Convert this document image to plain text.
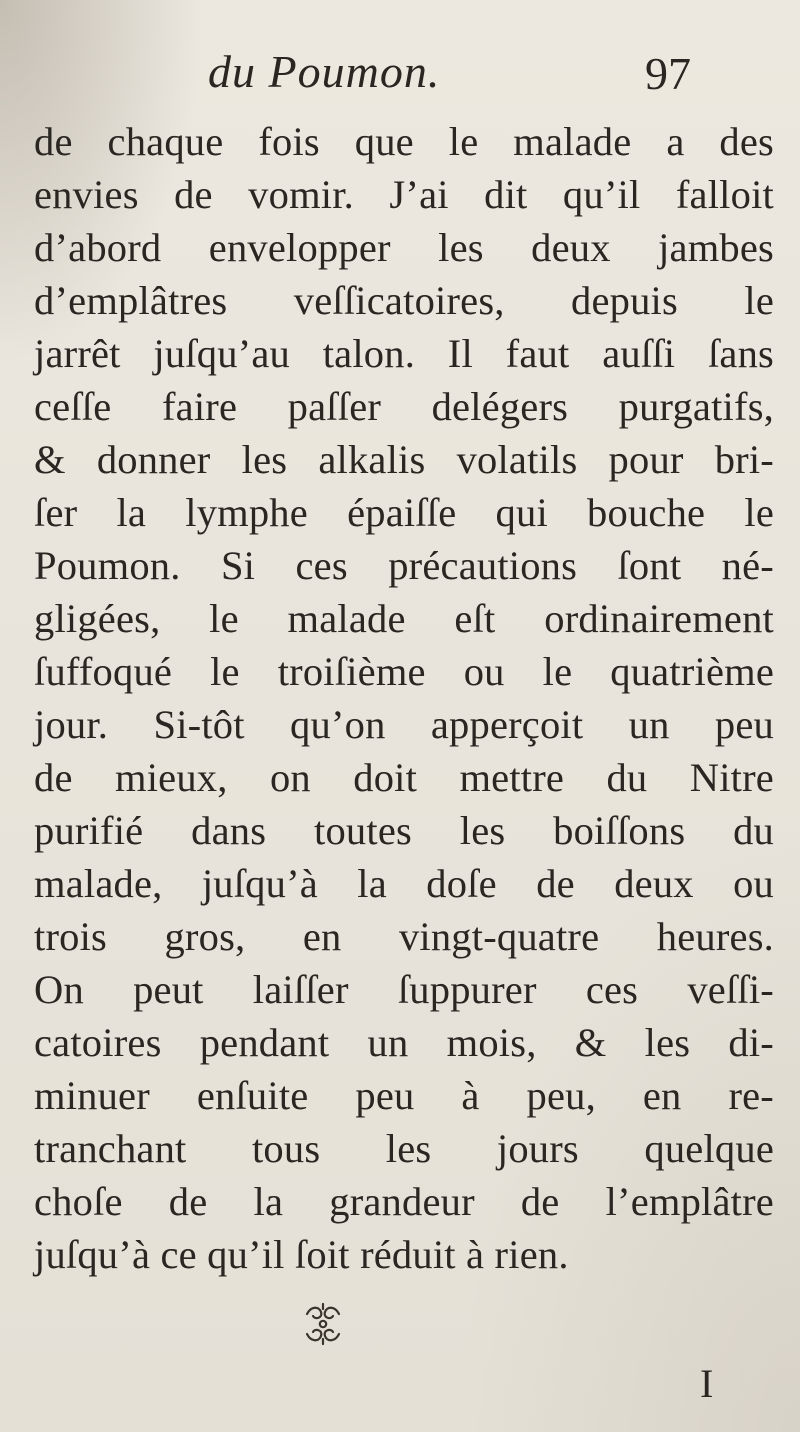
du Poumon.	97
de chaque fois que le malade a des
envies de vomir. J’ai dit qu’il falloit
d’abord envelopper les deux jambes
d’emplâtres veſſicatoires, depuis le
jarrêt juſqu’au talon. Il faut auſſi ſans
ceſſe faire paſſer delégers purgatifs,
& donner les alkalis volatils pour bri-
ſer la lymphe épaiſſe qui bouche le
Poumon. Si ces précautions ſont né-
gligées, le malade eſt ordinairement
ſuffoqué le troiſième ou le quatrième
jour. Si-tôt qu’on apperçoit un peu
de mieux, on doit mettre du Nitre
purifié dans toutes les boiſſons du
malade, juſqu’à la doſe de deux ou
trois gros, en vingt-quatre heures.
On peut laiſſer ſuppurer ces veſſi-
catoires pendant un mois, & les di-
minuer enſuite peu à peu, en re-
tranchant tous les jours quelque
choſe de la grandeur de l’emplâtre
juſqu’à ce qu’il ſoit réduit à rien.
I
